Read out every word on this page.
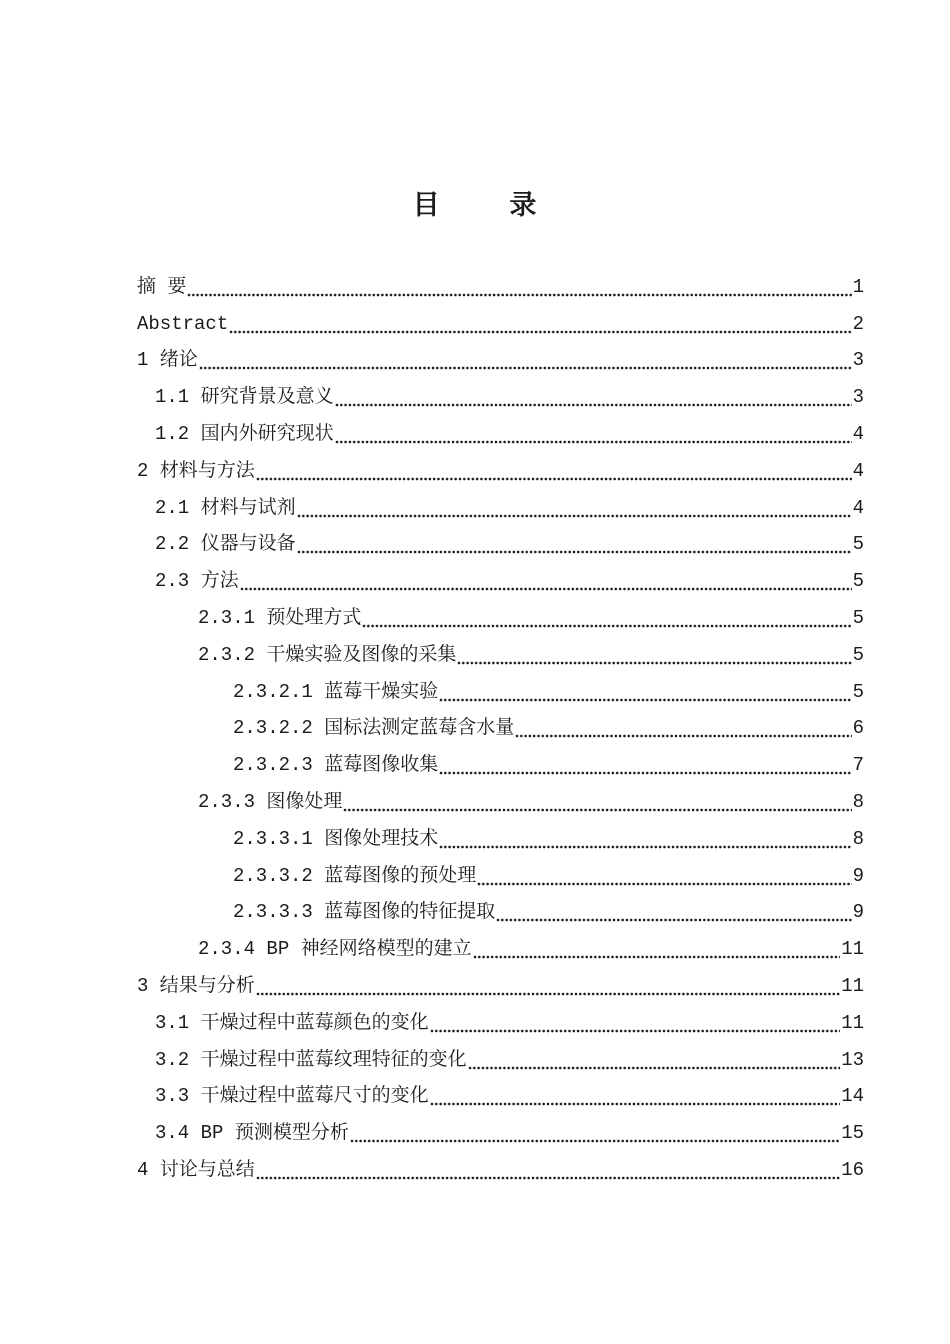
目    录
摘 要	1
Abstract	2
1 绪论	3
1.1 研究背景及意义	3
1.2 国内外研究现状	4
2 材料与方法	4
2.1 材料与试剂	4
2.2 仪器与设备	5
2.3 方法	5
2.3.1 预处理方式	5
2.3.2 干燥实验及图像的采集	5
2.3.2.1 蓝莓干燥实验	5
2.3.2.2 国标法测定蓝莓含水量	6
2.3.2.3 蓝莓图像收集	7
2.3.3 图像处理	8
2.3.3.1 图像处理技术	8
2.3.3.2 蓝莓图像的预处理	9
2.3.3.3 蓝莓图像的特征提取	9
2.3.4 BP 神经网络模型的建立	11
3 结果与分析	11
3.1 干燥过程中蓝莓颜色的变化	11
3.2 干燥过程中蓝莓纹理特征的变化	13
3.3 干燥过程中蓝莓尺寸的变化	14
3.4 BP 预测模型分析	15
4 讨论与总结	16
